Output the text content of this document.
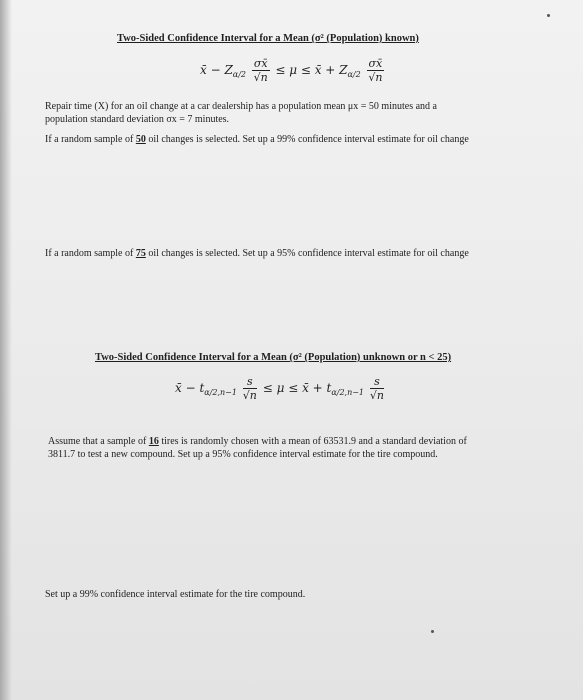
Two-Sided Confidence Interval for a Mean (σ² (Population) known)
x̄ − $Z_{\alpha/2} \frac{\sigma x̄}{√n} \le \mu$ ≤ x̄ + $Z_{\alpha/2} \frac{\sigma x̄}{√n}$
Repair time (X) for an oil change at a car dealership has a population mean μx = 50 minutes and a
population standard deviation σx = 7 minutes.
If a random sample of 50 oil changes is selected. Set up a 99% confidence interval estimate for oil change
If a random sample of 75 oil changes is selected. Set up a 95% confidence interval estimate for oil change
Two-Sided Confidence Interval for a Mean (σ² (Population) unknown or n < 25)
x̄ − $t_{\alpha/2,n-1} \frac{s}{√n} \le \mu$ ≤ x̄ + $t_{\alpha/2,n-1} \frac{s}{√n}$
Assume that a sample of 16 tires is randomly chosen with a mean of 63531.9 and a standard deviation of
3811.7 to test a new compound. Set up a 95% confidence interval estimate for the tire compound.
Set up a 99% confidence interval estimate for the tire compound.
